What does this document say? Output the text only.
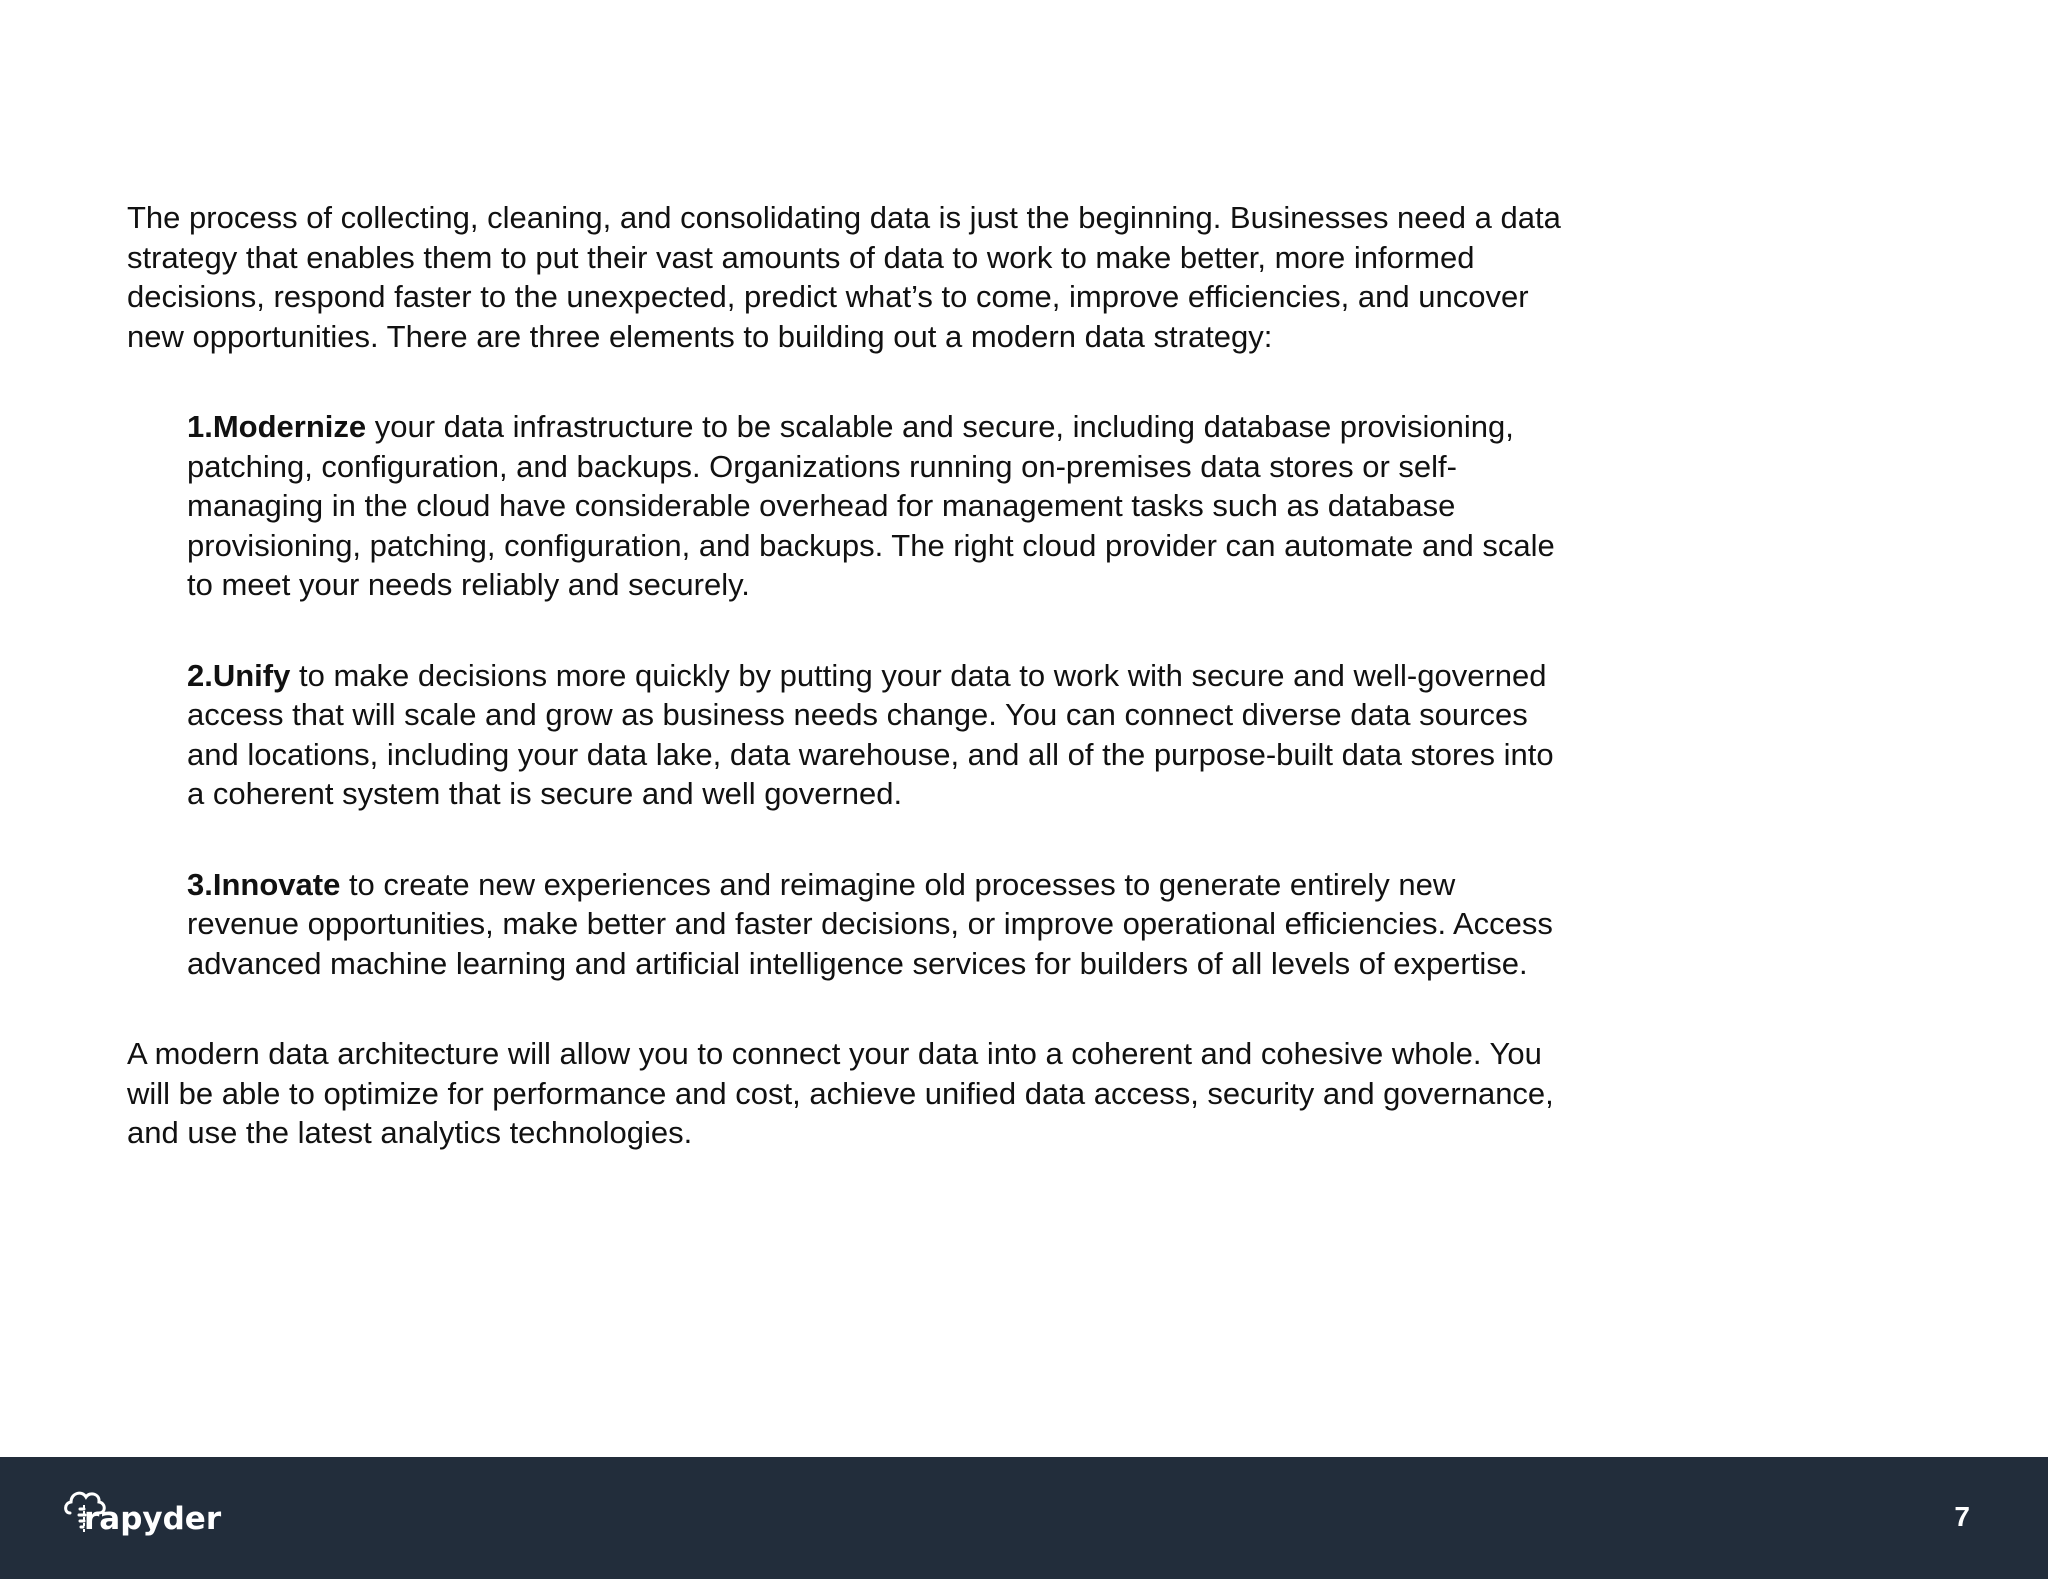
The process of collecting, cleaning, and consolidating data is just the beginning. Businesses need a data
strategy that enables them to put their vast amounts of data to work to make better, more informed
decisions, respond faster to the unexpected, predict what’s to come, improve efficiencies, and uncover
new opportunities. There are three elements to building out a modern data strategy:

1.Modernize your data infrastructure to be scalable and secure, including database provisioning,
patching, configuration, and backups. Organizations running on-premises data stores or self-
managing in the cloud have considerable overhead for management tasks such as database
provisioning, patching, configuration, and backups. The right cloud provider can automate and scale
to meet your needs reliably and securely.
2.Unify to make decisions more quickly by putting your data to work with secure and well-governed
access that will scale and grow as business needs change. You can connect diverse data sources
and locations, including your data lake, data warehouse, and all of the purpose-built data stores into
a coherent system that is secure and well governed.
3.Innovate to create new experiences and reimagine old processes to generate entirely new
revenue opportunities, make better and faster decisions, or improve operational efficiencies. Access
advanced machine learning and artificial intelligence services for builders of all levels of expertise.

A modern data architecture will allow you to connect your data into a coherent and cohesive whole. You
will be able to optimize for performance and cost, achieve unified data access, security and governance,
and use the latest analytics technologies.

rapyder	7
